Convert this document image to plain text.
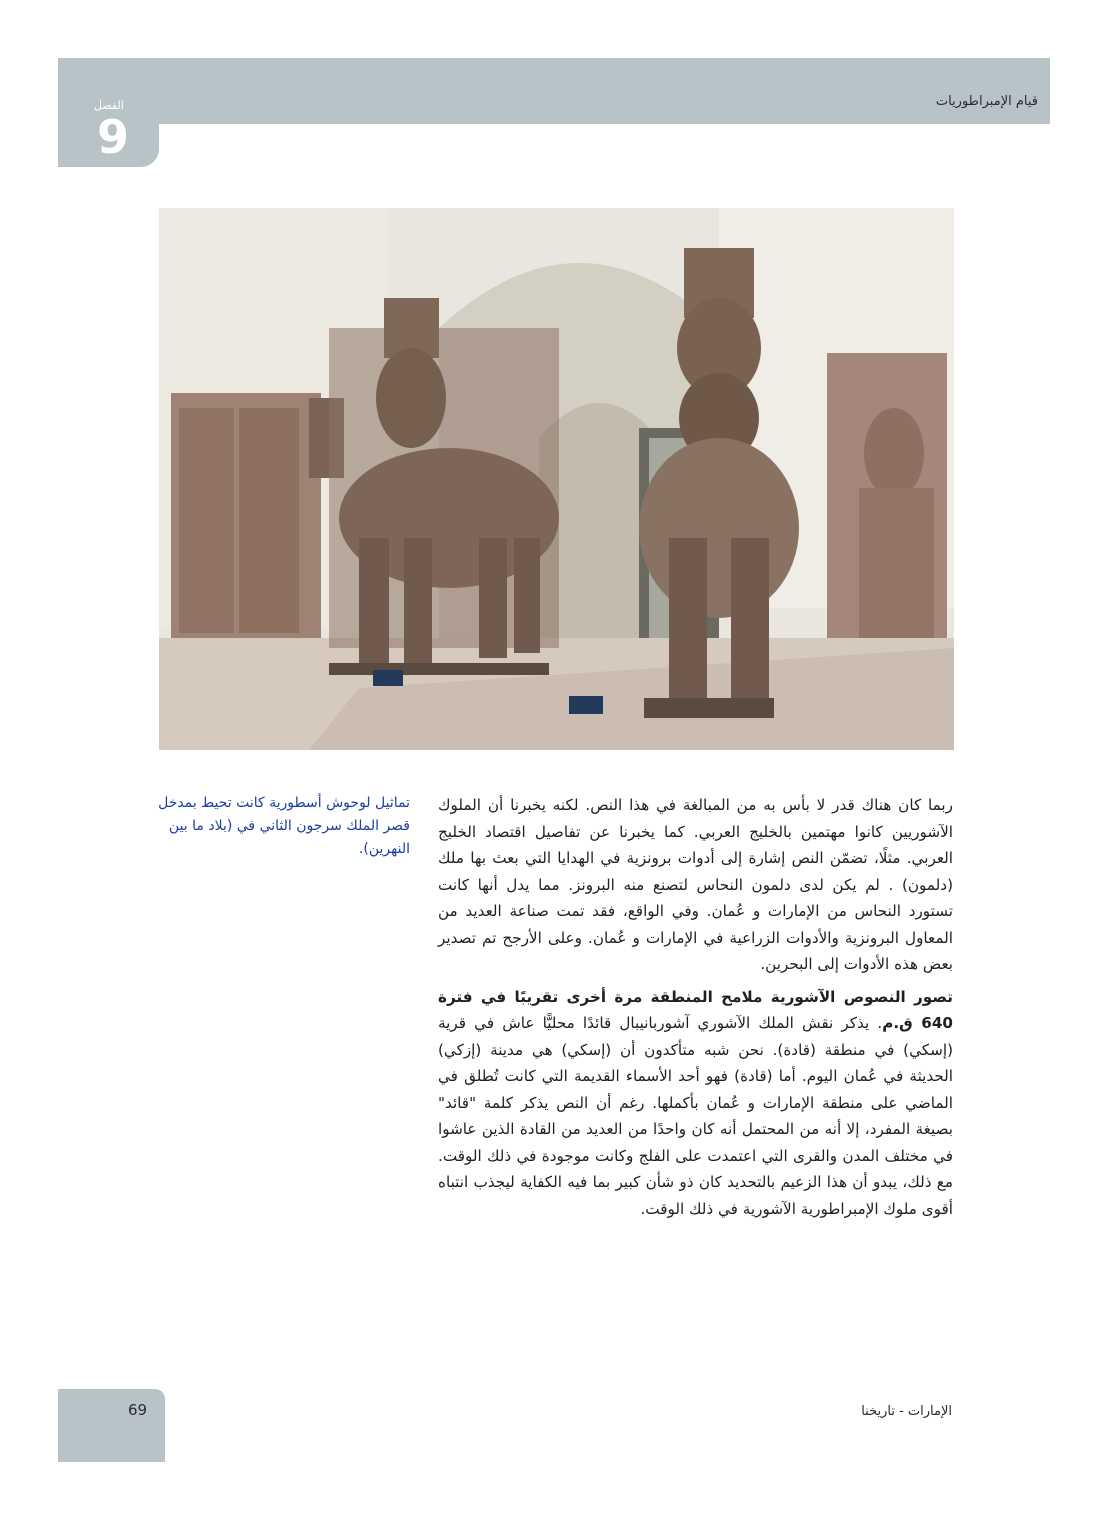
قيام الإمبراطوريات
الفصل
9
تماثيل لوحوش أسطورية كانت تحيط بمدخل قصر الملك سرجون الثاني في (بلاد ما بين النهرين).

ربما كان هناك قدر لا بأس به من المبالغة في هذا النص. لكنه يخبرنا أن الملوك الآشوريين كانوا مهتمين بالخليج العربي. كما يخبرنا عن تفاصيل اقتصاد الخليج العربي. مثلًا، تضمّن النص إشارة إلى أدوات برونزية في الهدايا التي بعث بها ملك (دلمون) . لم يكن لدى دلمون النحاس لتصنع منه البرونز. مما يدل أنها كانت تستورد النحاس من الإمارات و عُمان. وفي الواقع، فقد تمت صناعة العديد من المعاول البرونزية والأدوات الزراعية في الإمارات و عُمان. وعلى الأرجح تم تصدير بعض هذه الأدوات إلى البحرين.

تصور النصوص الآشورية ملامح المنطقة مرة أخرى تقريبًا في فترة 640 ق.م. يذكر نقش الملك الآشوري آشوربانيبال قائدًا محليًّا عاش في قرية (إسكي) في منطقة (قادة). نحن شبه متأكدون أن (إسكي) هي مدينة (إزكي) الحديثة في عُمان اليوم. أما (قادة) فهو أحد الأسماء القديمة التي كانت تُطلق في الماضي على منطقة الإمارات و عُمان بأكملها. رغم أن النص يذكر كلمة "قائد" بصيغة المفرد، إلا أنه من المحتمل أنه كان واحدًا من العديد من القادة الذين عاشوا في مختلف المدن والقرى التي اعتمدت على الفلج وكانت موجودة في ذلك الوقت. مع ذلك، يبدو أن هذا الزعيم بالتحديد كان ذو شأن كبير بما فيه الكفاية ليجذب انتباه أقوى ملوك الإمبراطورية الآشورية في ذلك الوقت.

69	الإمارات - تاريخنا
